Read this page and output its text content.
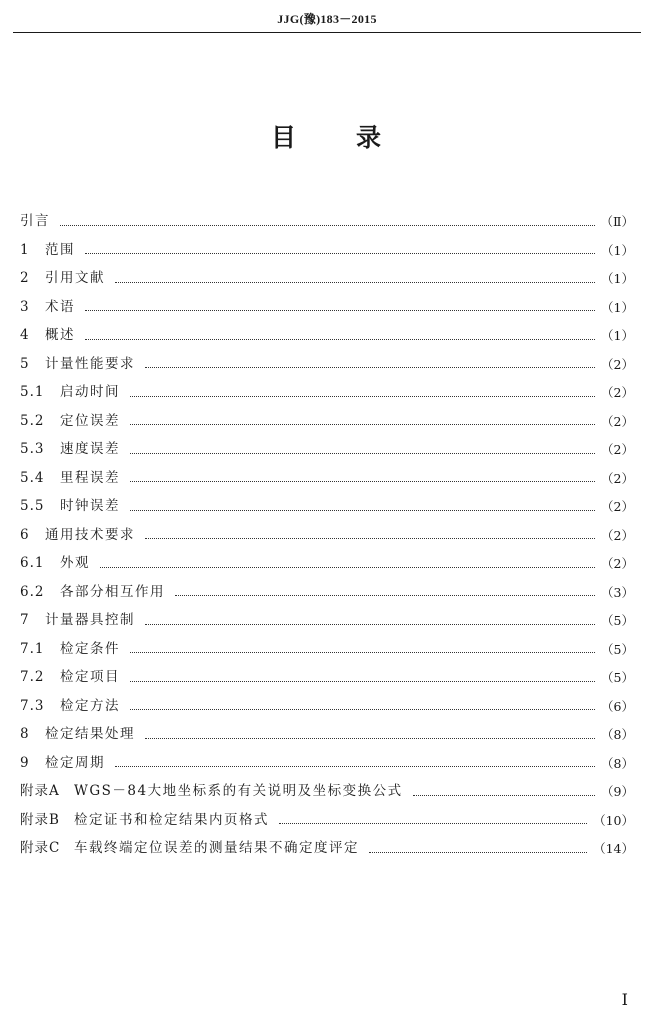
JJG(豫)183－2015
目 录
引言	（Ⅱ）
1	范围	（1）
2	引用文献	（1）
3	术语	（1）
4	概述	（1）
5	计量性能要求	（2）
5.1	启动时间	（2）
5.2	定位误差	（2）
5.3	速度误差	（2）
5.4	里程误差	（2）
5.5	时钟误差	（2）
6	通用技术要求	（2）
6.1	外观	（2）
6.2	各部分相互作用	（3）
7	计量器具控制	（5）
7.1	检定条件	（5）
7.2	检定项目	（5）
7.3	检定方法	（6）
8	检定结果处理	（8）
9	检定周期	（8）
附录A	WGS－84大地坐标系的有关说明及坐标变换公式	（9）
附录B	检定证书和检定结果内页格式	（10）
附录C	车载终端定位误差的测量结果不确定度评定	（14）
Ⅰ
